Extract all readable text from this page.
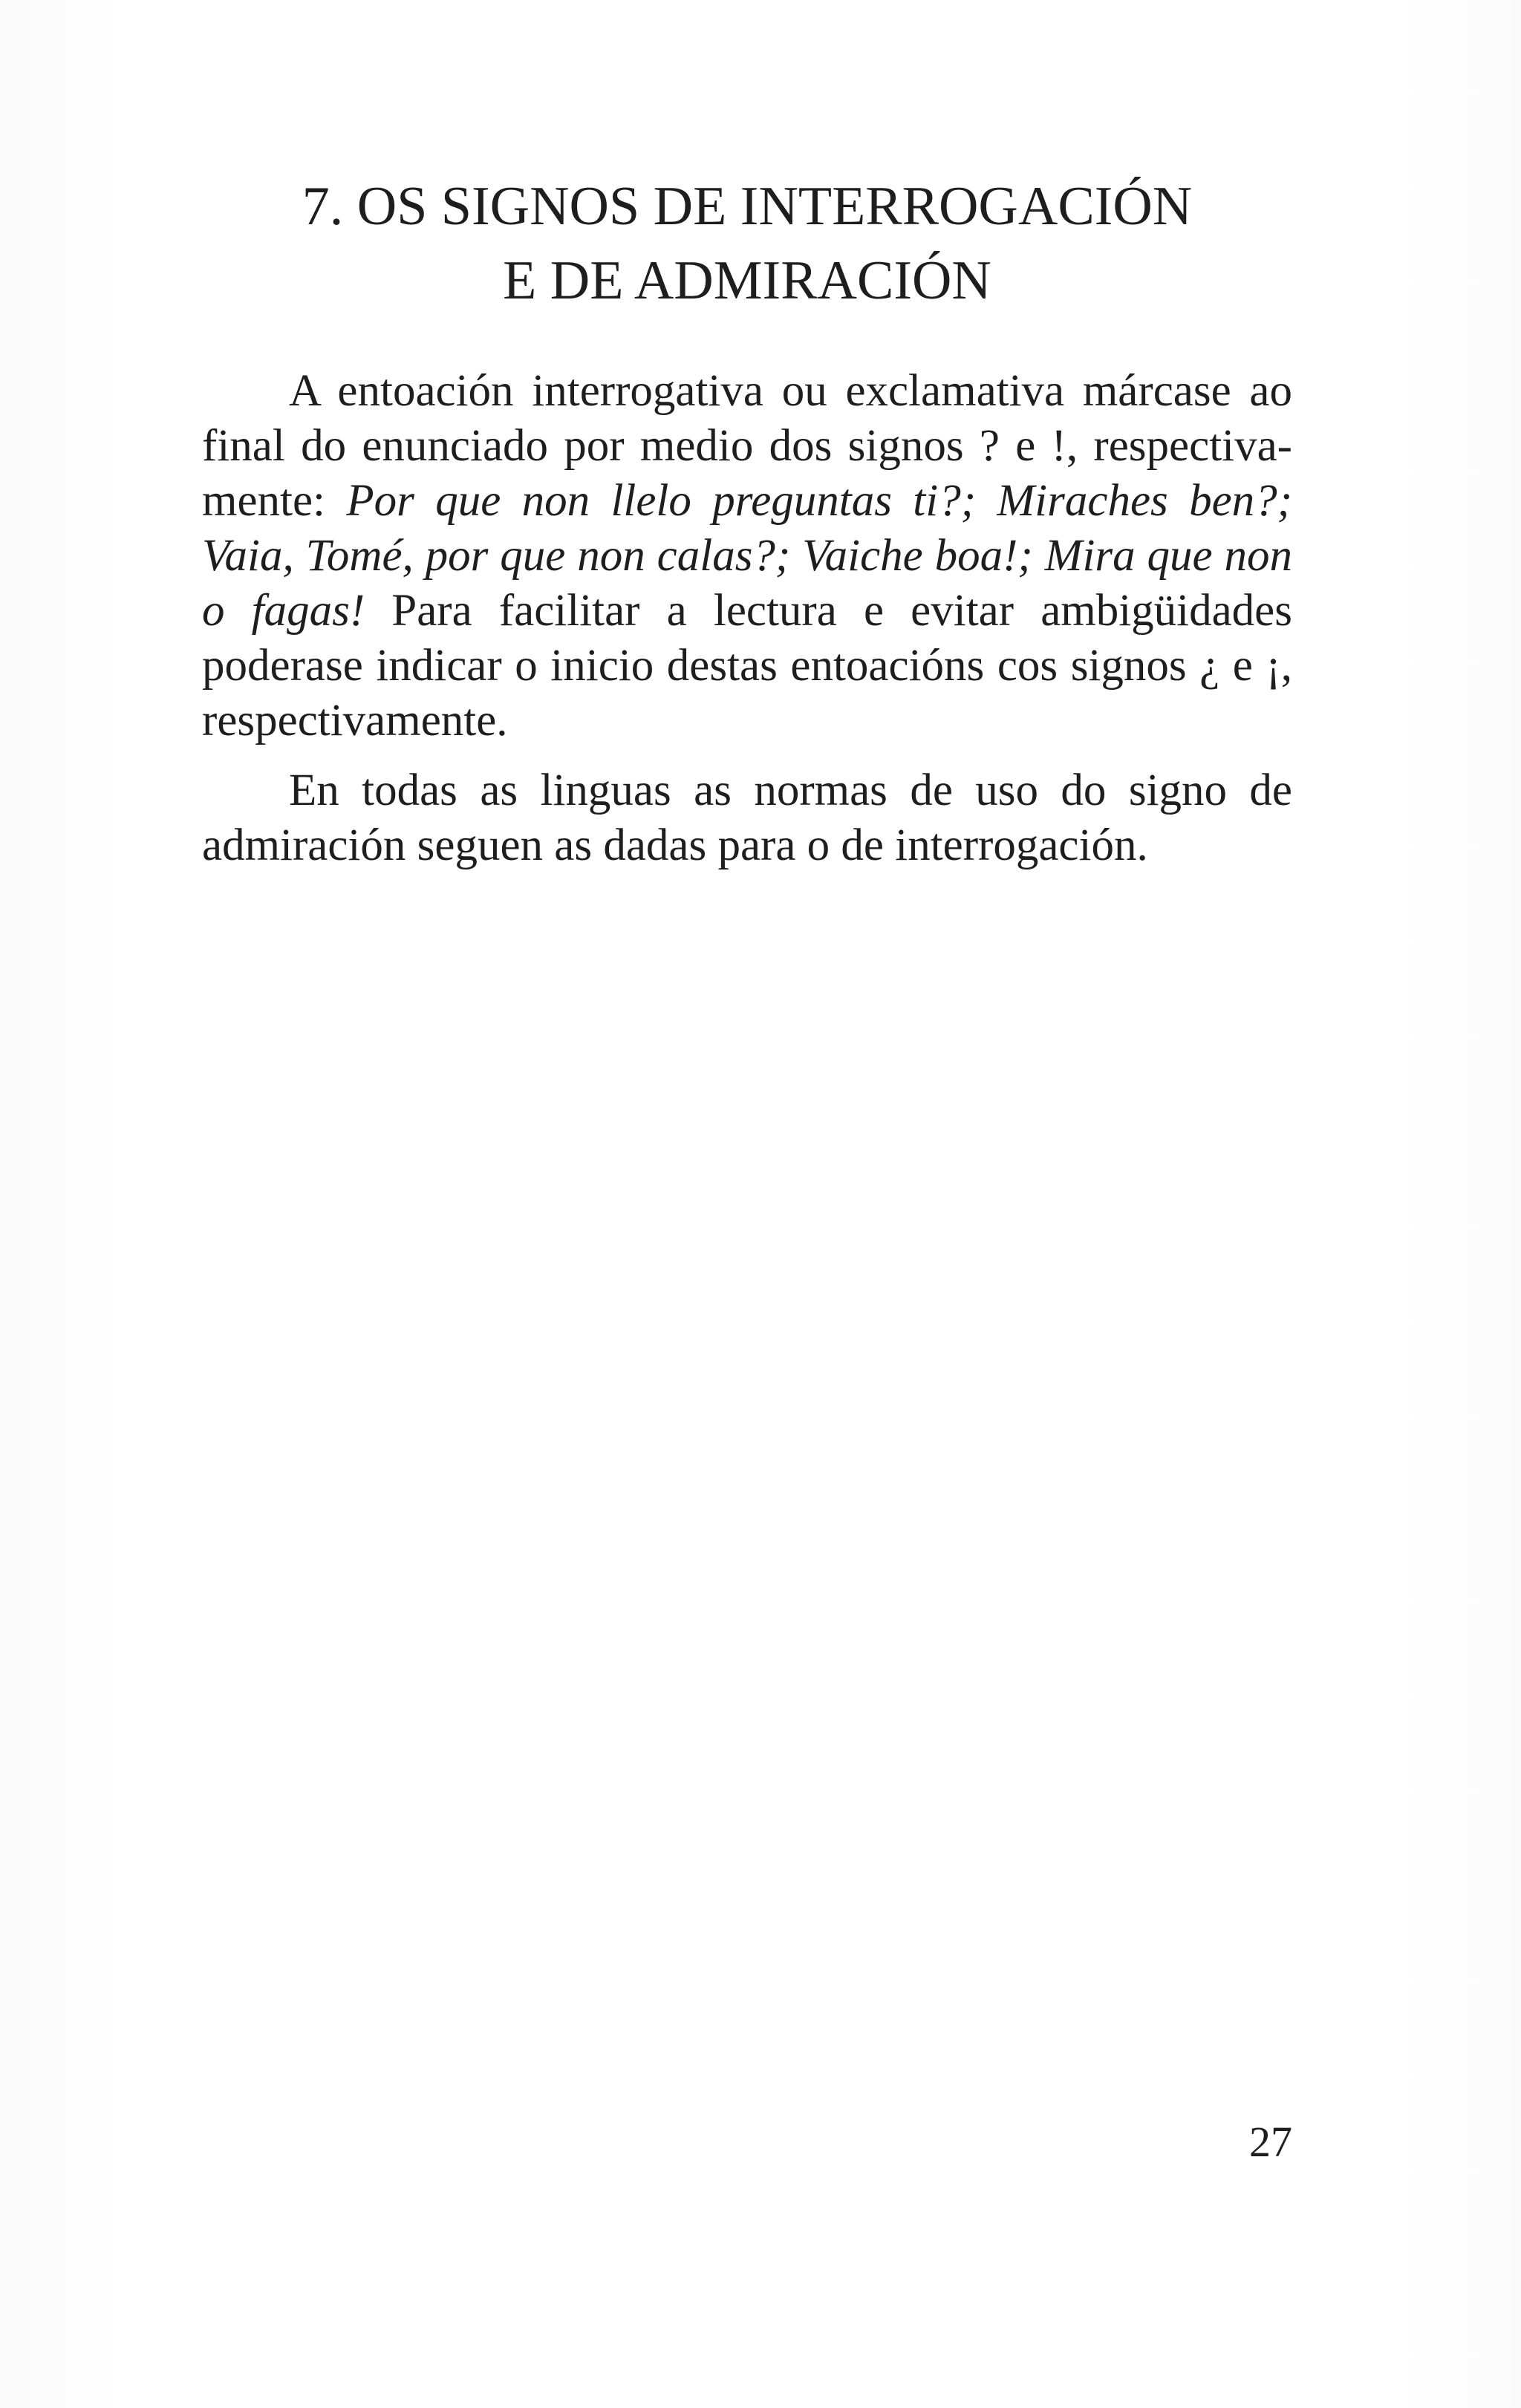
7. OS SIGNOS DE INTERROGACIÓN
E DE ADMIRACIÓN

A entoación interrogativa ou exclamativa márcase ao final do enunciado por medio dos signos ? e !, respectivamente: Por que non llelo preguntas ti?; Miraches ben?; Vaia, Tomé, por que non calas?; Vaiche boa!; Mira que non o fagas! Para facilitar a lectura e evitar ambigüidades poderase indicar o inicio destas entoacións cos signos ¿ e ¡, respectivamente.

En todas as linguas as normas de uso do signo de admiración seguen as dadas para o de interrogación.

27
